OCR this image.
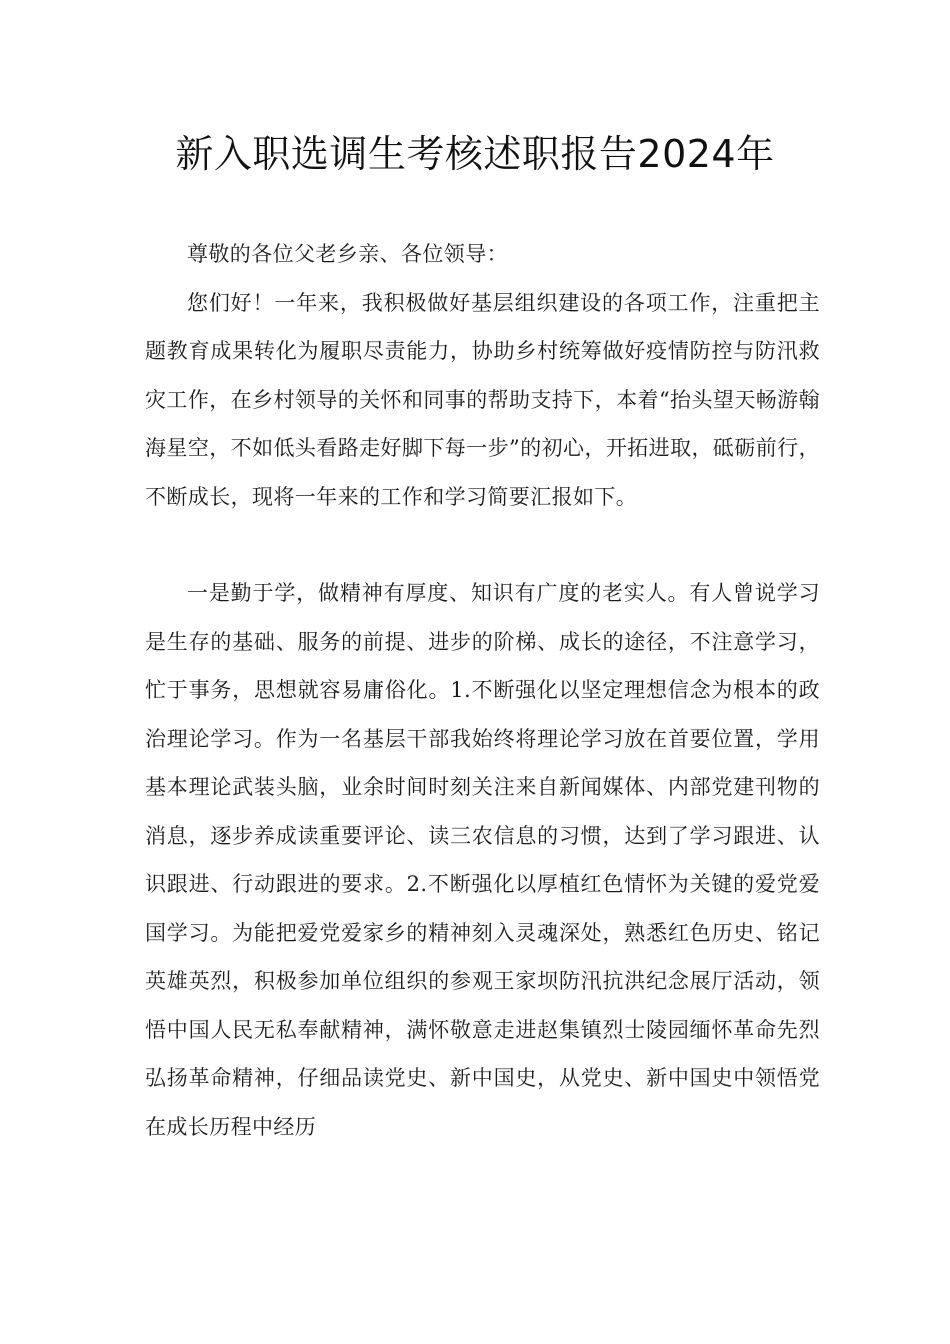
新入职选调生考核述职报告2024年

尊敬的各位父老乡亲、各位领导：

您们好！一年来，我积极做好基层组织建设的各项工作，注重把主题教育成果转化为履职尽责能力，协助乡村统筹做好疫情防控与防汛救灾工作，在乡村领导的关怀和同事的帮助支持下，本着“抬头望天畅游翰海星空，不如低头看路走好脚下每一步”的初心，开拓进取，砥砺前行，不断成长，现将一年来的工作和学习简要汇报如下。

一是勤于学，做精神有厚度、知识有广度的老实人。有人曾说学习是生存的基础、服务的前提、进步的阶梯、成长的途径，不注意学习，忙于事务，思想就容易庸俗化。1.不断强化以坚定理想信念为根本的政治理论学习。作为一名基层干部我始终将理论学习放在首要位置，学用基本理论武装头脑，业余时间时刻关注来自新闻媒体、内部党建刊物的消息，逐步养成读重要评论、读三农信息的习惯，达到了学习跟进、认识跟进、行动跟进的要求。2.不断强化以厚植红色情怀为关键的爱党爱国学习。为能把爱党爱家乡的精神刻入灵魂深处，熟悉红色历史、铭记英雄英烈，积极参加单位组织的参观王家坝防汛抗洪纪念展厅活动，领悟中国人民无私奉献精神，满怀敬意走进赵集镇烈士陵园缅怀革命先烈弘扬革命精神，仔细品读党史、新中国史，从党史、新中国史中领悟党在成长历程中经历
